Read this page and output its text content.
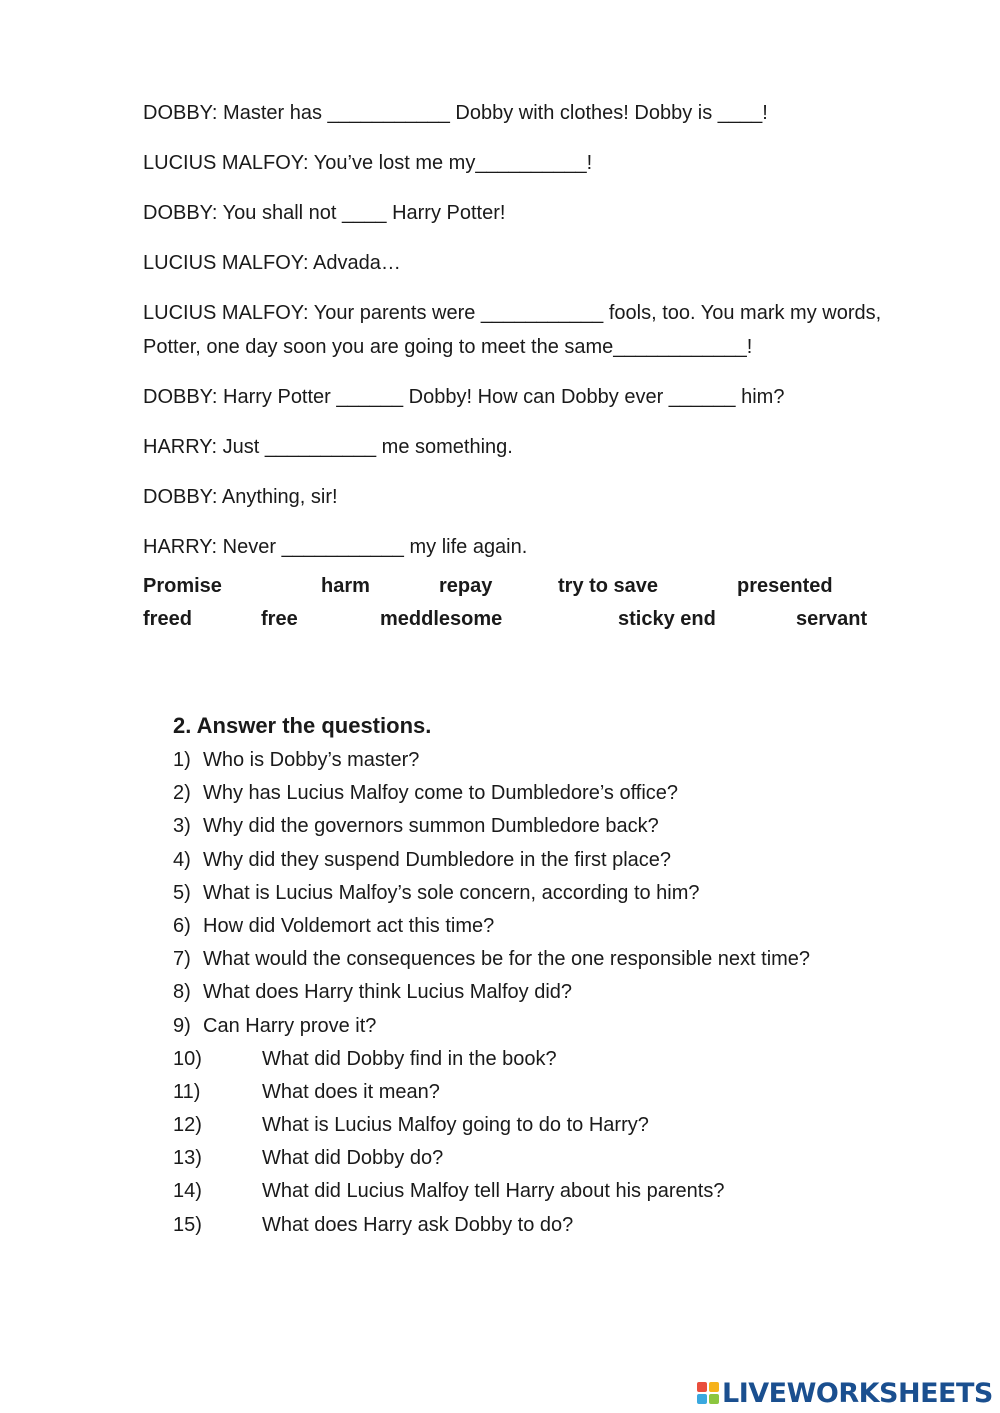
DOBBY: Master has ___________ Dobby with clothes! Dobby is ____!

LUCIUS MALFOY: You’ve lost me my__________!

DOBBY: You shall not ____ Harry Potter!

LUCIUS MALFOY: Advada…

LUCIUS MALFOY: Your parents were ___________ fools, too. You mark my words, Potter, one day soon you are going to meet the same____________!

DOBBY: Harry Potter ______ Dobby! How can Dobby ever ______ him?

HARRY: Just __________ me something.

DOBBY: Anything, sir!

HARRY: Never ___________ my life again.

Promise	harm	repay	try to save	presented
freed	free	meddlesome	sticky end	servant
2. Answer the questions.
1) Who is Dobby’s master?
2) Why has Lucius Malfoy come to Dumbledore’s office?
3) Why did the governors summon Dumbledore back?
4) Why did they suspend Dumbledore in the first place?
5) What is Lucius Malfoy’s sole concern, according to him?
6) How did Voldemort act this time?
7) What would the consequences be for the one responsible next time?
8) What does Harry think Lucius Malfoy did?
9) Can Harry prove it?
10)	What did Dobby find in the book?
11)	What does it mean?
12)	What is Lucius Malfoy going to do to Harry?
13)	What did Dobby do?
14)	What did Lucius Malfoy tell Harry about his parents?
15)	What does Harry ask Dobby to do?
LIVEWORKSHEETS
